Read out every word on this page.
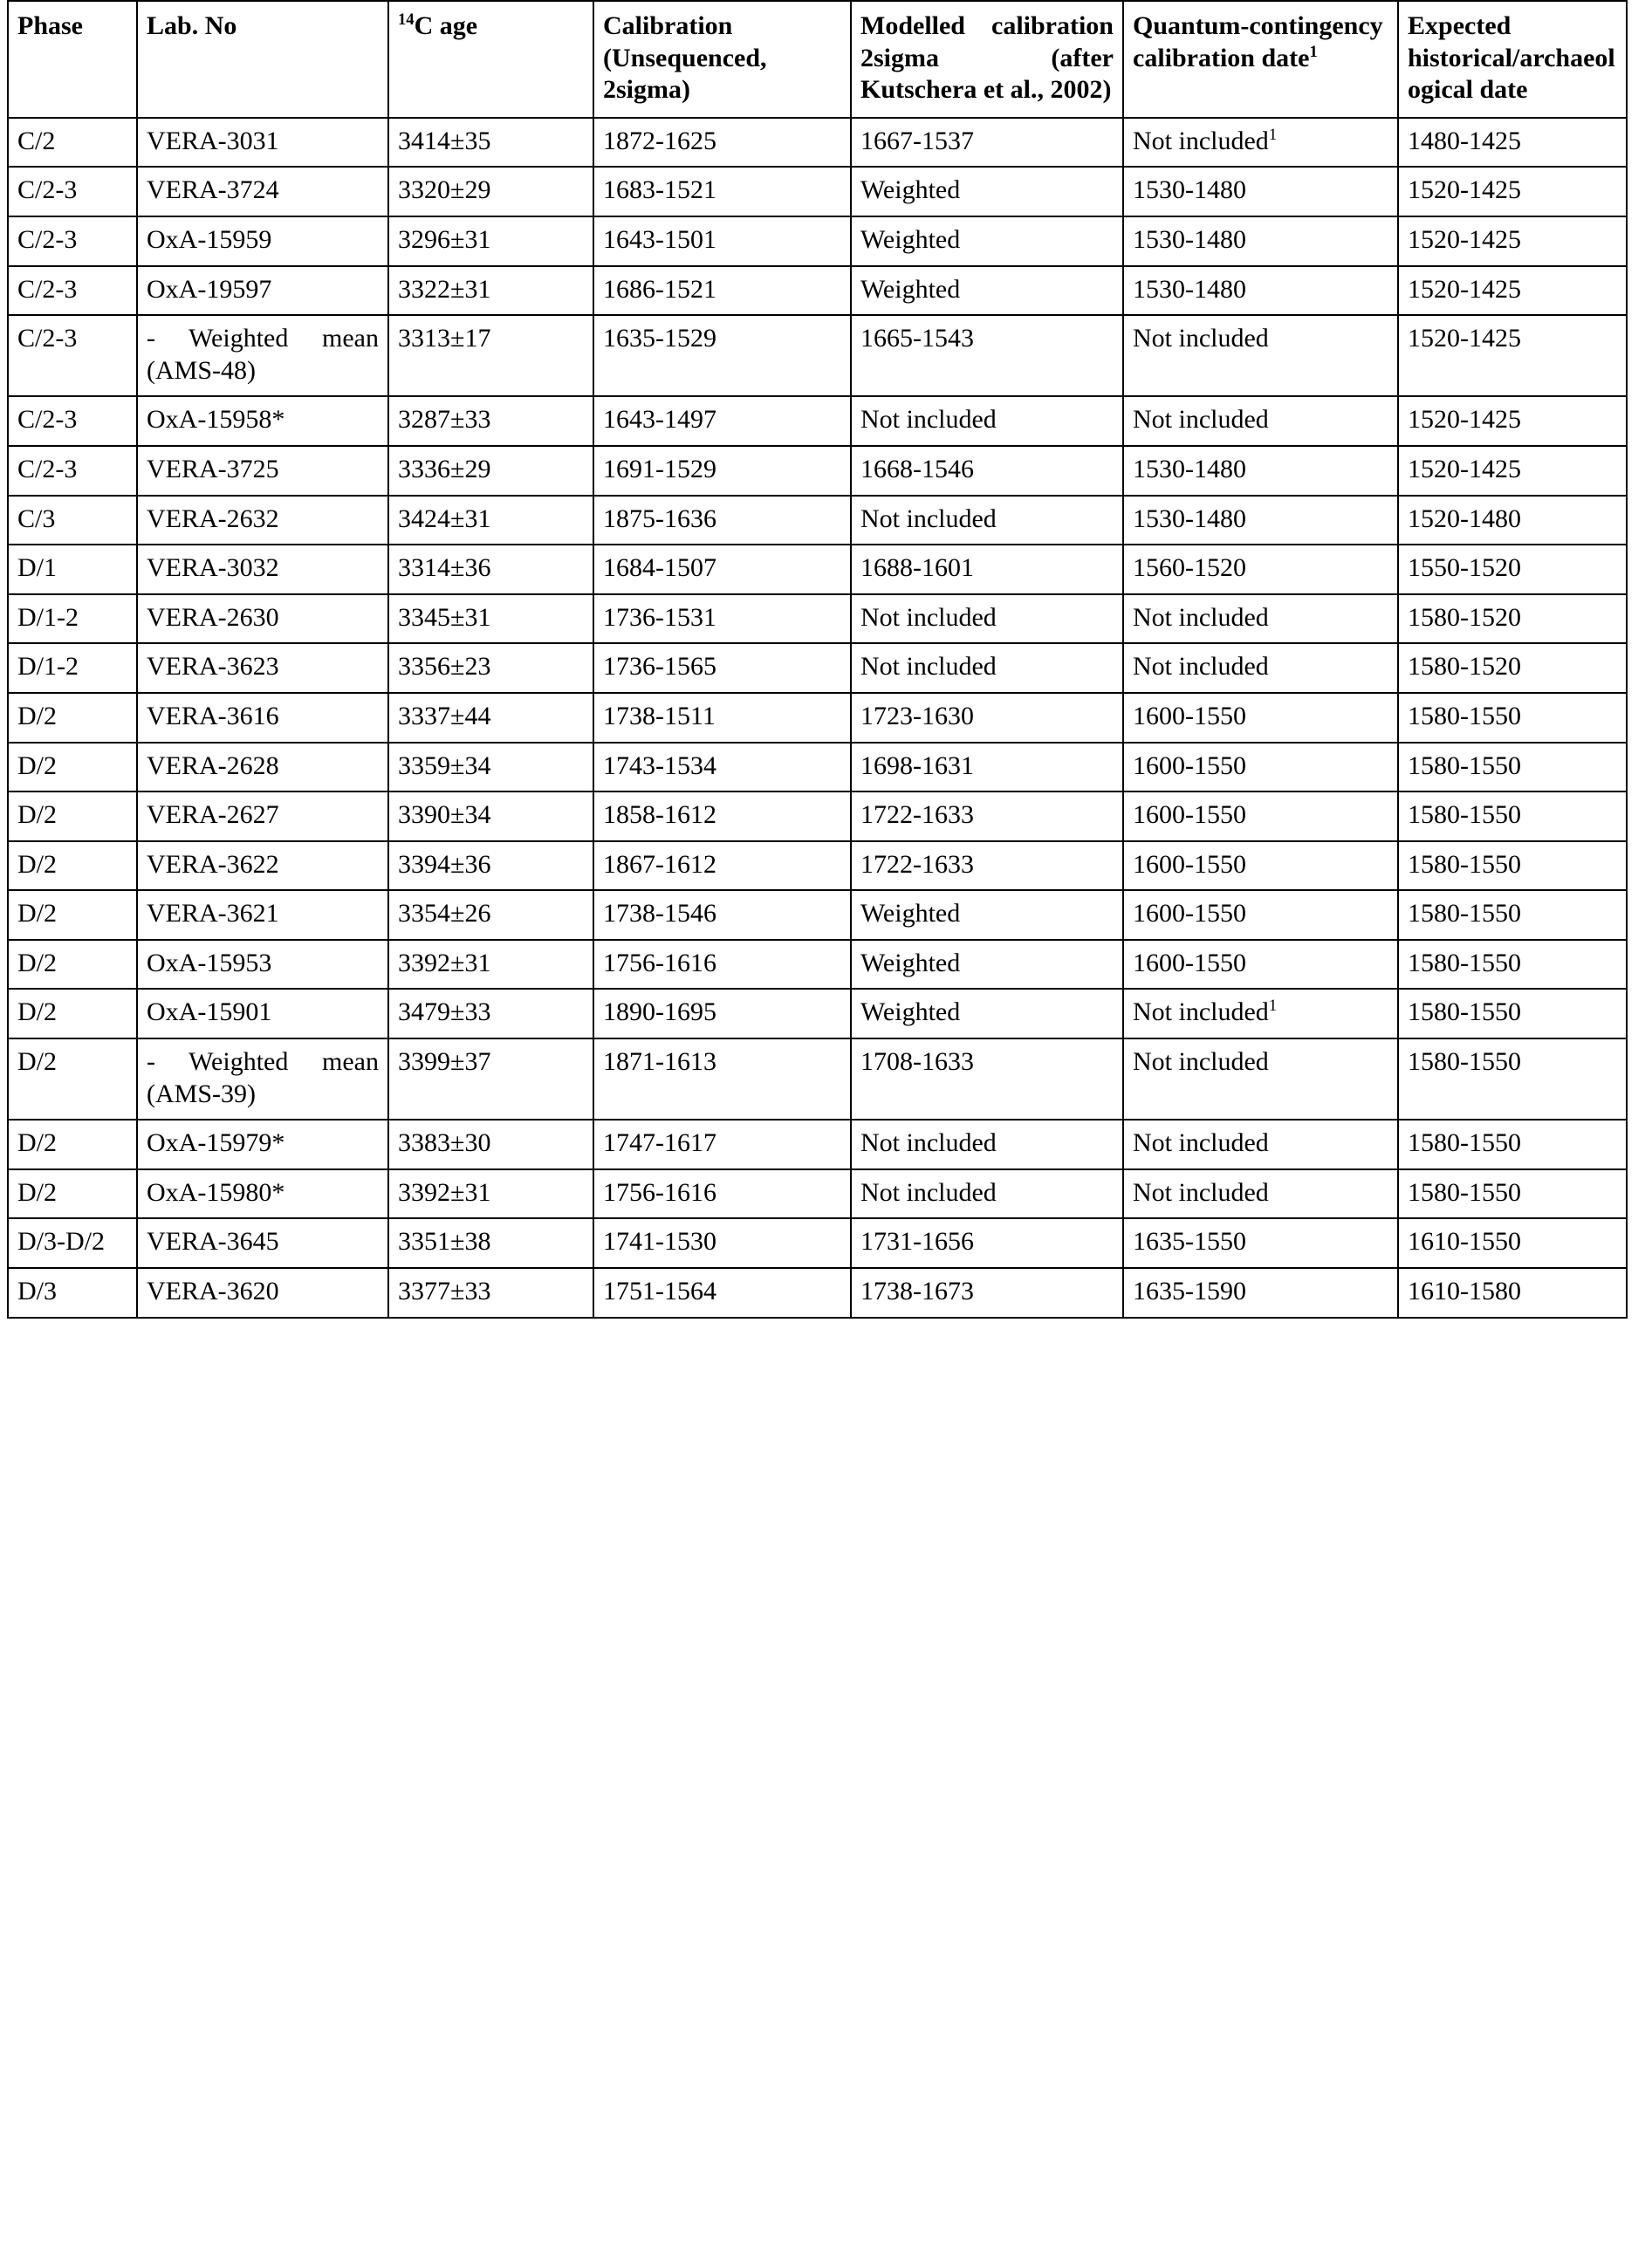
Phase	Lab. No	$^{14}$C age	Calibration (Unsequenced, 2sigma)	Modelled calibration 2sigma (after Kutschera et al., 2002)	Quantum-contingency calibration date$^1$	Expected historical/archaeological date

C/2	VERA-3031	3414±35	1872-1625	1667-1537	Not included$^1$	1480-1425

C/2-3	VERA-3724	3320±29	1683-1521	Weighted	1530-1480	1520-1425

C/2-3	OxA-15959	3296±31	1643-1501	Weighted	1530-1480	1520-1425

C/2-3	OxA-19597	3322±31	1686-1521	Weighted	1530-1480	1520-1425

C/2-3	- Weighted mean (AMS-48)	3313±17	1635-1529	1665-1543	Not included	1520-1425

C/2-3	OxA-15958*	3287±33	1643-1497	Not included	Not included	1520-1425

C/2-3	VERA-3725	3336±29	1691-1529	1668-1546	1530-1480	1520-1425

C/3	VERA-2632	3424±31	1875-1636	Not included	1530-1480	1520-1480

D/1	VERA-3032	3314±36	1684-1507	1688-1601	1560-1520	1550-1520

D/1-2	VERA-2630	3345±31	1736-1531	Not included	Not included	1580-1520

D/1-2	VERA-3623	3356±23	1736-1565	Not included	Not included	1580-1520

D/2	VERA-3616	3337±44	1738-1511	1723-1630	1600-1550	1580-1550

D/2	VERA-2628	3359±34	1743-1534	1698-1631	1600-1550	1580-1550

D/2	VERA-2627	3390±34	1858-1612	1722-1633	1600-1550	1580-1550

D/2	VERA-3622	3394±36	1867-1612	1722-1633	1600-1550	1580-1550

D/2	VERA-3621	3354±26	1738-1546	Weighted	1600-1550	1580-1550

D/2	OxA-15953	3392±31	1756-1616	Weighted	1600-1550	1580-1550

D/2	OxA-15901	3479±33	1890-1695	Weighted	Not included$^1$	1580-1550

D/2	- Weighted mean (AMS-39)	3399±37	1871-1613	1708-1633	Not included	1580-1550

D/2	OxA-15979*	3383±30	1747-1617	Not included	Not included	1580-1550

D/2	OxA-15980*	3392±31	1756-1616	Not included	Not included	1580-1550

D/3-D/2	VERA-3645	3351±38	1741-1530	1731-1656	1635-1550	1610-1550

D/3	VERA-3620	3377±33	1751-1564	1738-1673	1635-1590	1610-1580
